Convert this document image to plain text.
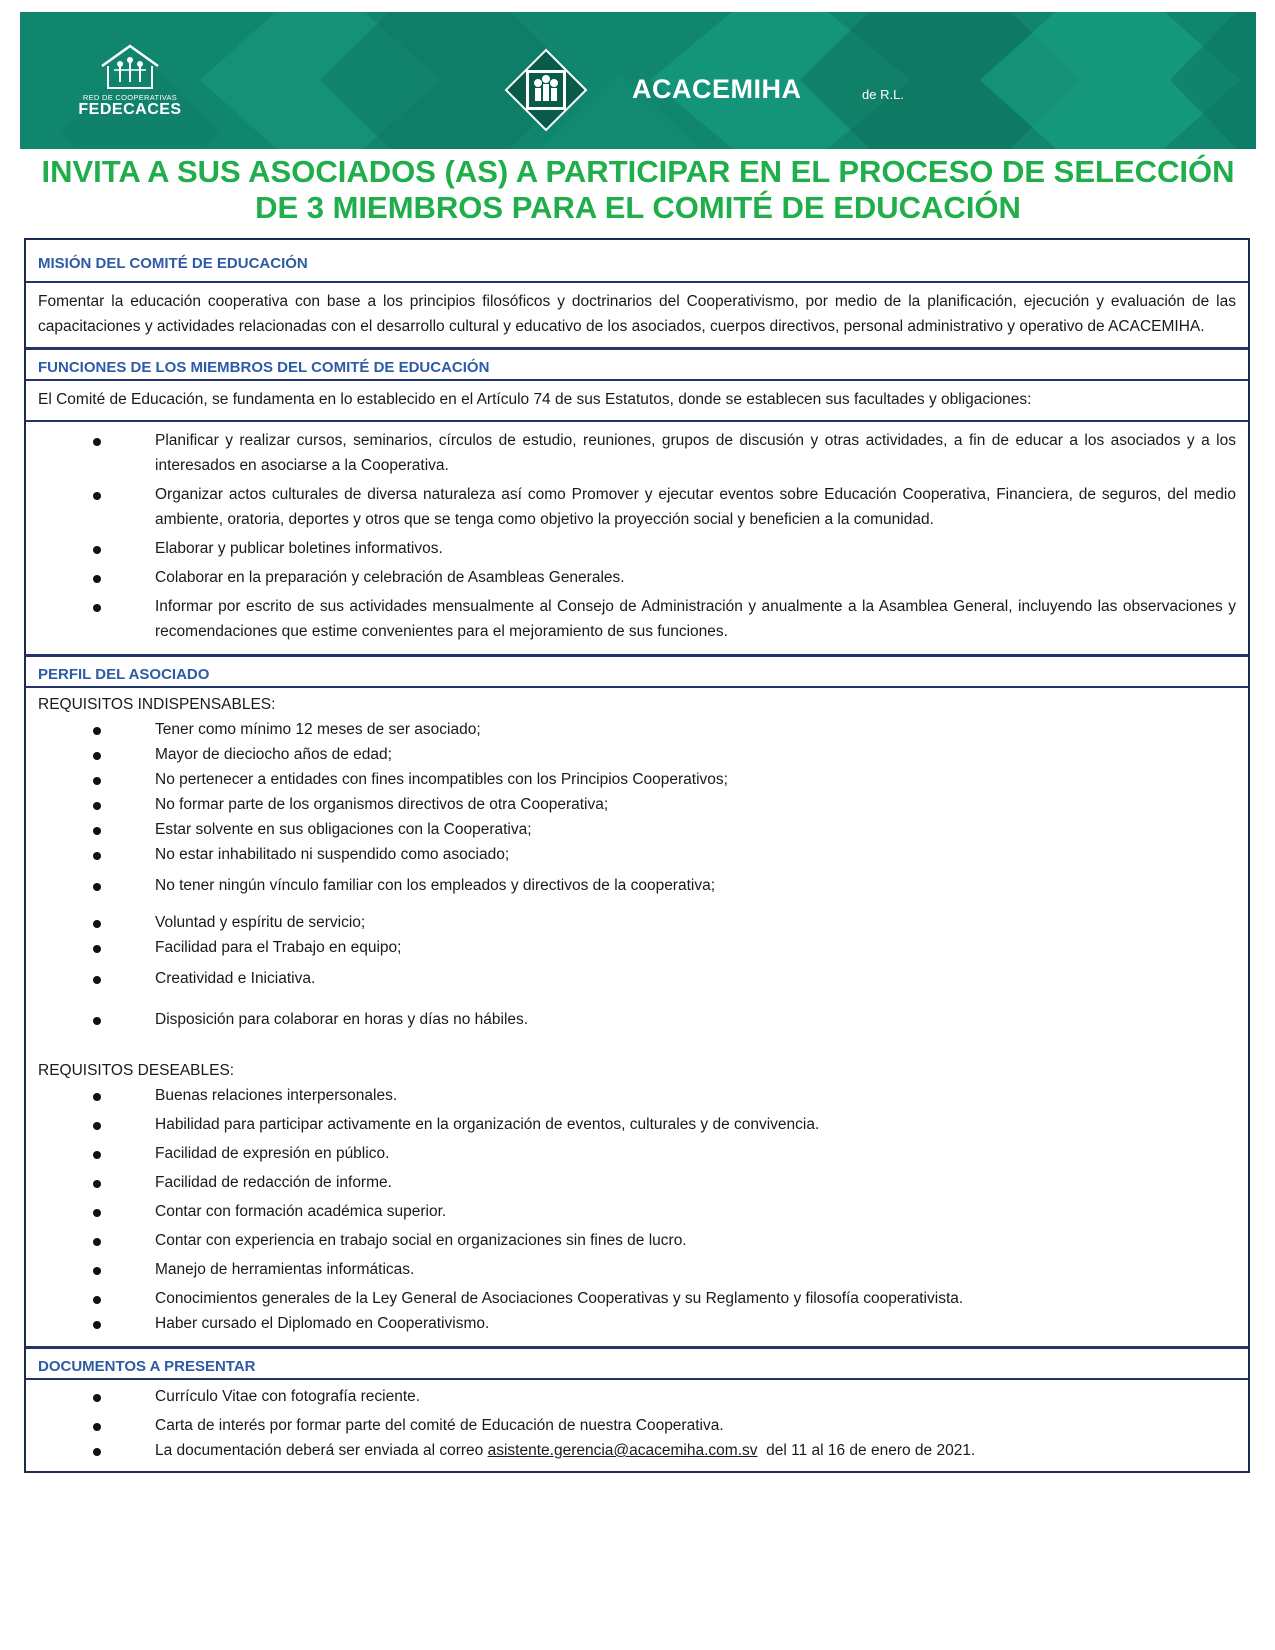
RED DE COOPERATIVAS
FEDECACES
ACACEMIHA	de R.L.
INVITA A SUS ASOCIADOS (AS) A PARTICIPAR EN EL PROCESO DE SELECCIÓN
DE 3 MIEMBROS PARA EL COMITÉ DE EDUCACIÓN
MISIÓN DEL COMITÉ DE EDUCACIÓN
Fomentar la educación cooperativa con base a los principios filosóficos y doctrinarios del Cooperativismo, por medio de la planificación, ejecución y evaluación de las capacitaciones y actividades relacionadas con el desarrollo cultural y educativo de los asociados, cuerpos directivos, personal administrativo y operativo de ACACEMIHA.
FUNCIONES DE LOS MIEMBROS DEL COMITÉ DE EDUCACIÓN
El Comité de Educación, se fundamenta en lo establecido en el Artículo 74 de sus Estatutos, donde se establecen sus facultades y obligaciones:
Planificar y realizar cursos, seminarios, círculos de estudio, reuniones, grupos de discusión y otras actividades, a fin de educar a los asociados y a los interesados en asociarse a la Cooperativa.
Organizar actos culturales de diversa naturaleza así como Promover y ejecutar eventos sobre Educación Cooperativa, Financiera, de seguros, del medio ambiente, oratoria, deportes y otros que se tenga como objetivo la proyección social y beneficien a la comunidad.
Elaborar y publicar boletines informativos.
Colaborar en la preparación y celebración de Asambleas Generales.
Informar por escrito de sus actividades mensualmente al Consejo de Administración y anualmente a la Asamblea General, incluyendo las observaciones y recomendaciones que estime convenientes para el mejoramiento de sus funciones.
PERFIL DEL ASOCIADO
REQUISITOS INDISPENSABLES:
Tener como mínimo 12 meses de ser asociado;
Mayor de dieciocho años de edad;
No pertenecer a entidades con fines incompatibles con los Principios Cooperativos;
No formar parte de los organismos directivos de otra Cooperativa;
Estar solvente en sus obligaciones con la Cooperativa;
No estar inhabilitado ni suspendido como asociado;
No tener ningún vínculo familiar con los empleados y directivos de la cooperativa;
Voluntad y espíritu de servicio;
Facilidad para el Trabajo en equipo;
Creatividad e Iniciativa.
Disposición para colaborar en horas y días no hábiles.
REQUISITOS DESEABLES:
Buenas relaciones interpersonales.
Habilidad para participar activamente en la organización de eventos, culturales y de convivencia.
Facilidad de expresión en público.
Facilidad de redacción de informe.
Contar con formación académica superior.
Contar con experiencia en trabajo social en organizaciones sin fines de lucro.
Manejo de herramientas informáticas.
Conocimientos generales de la Ley General de Asociaciones Cooperativas y su Reglamento y filosofía cooperativista.
Haber cursado el Diplomado en Cooperativismo.
DOCUMENTOS A PRESENTAR
Currículo Vitae con fotografía reciente.
Carta de interés por formar parte del comité de Educación de nuestra Cooperativa.
La documentación deberá ser enviada al correo asistente.gerencia@acacemiha.com.sv del 11 al 16 de enero de 2021.
